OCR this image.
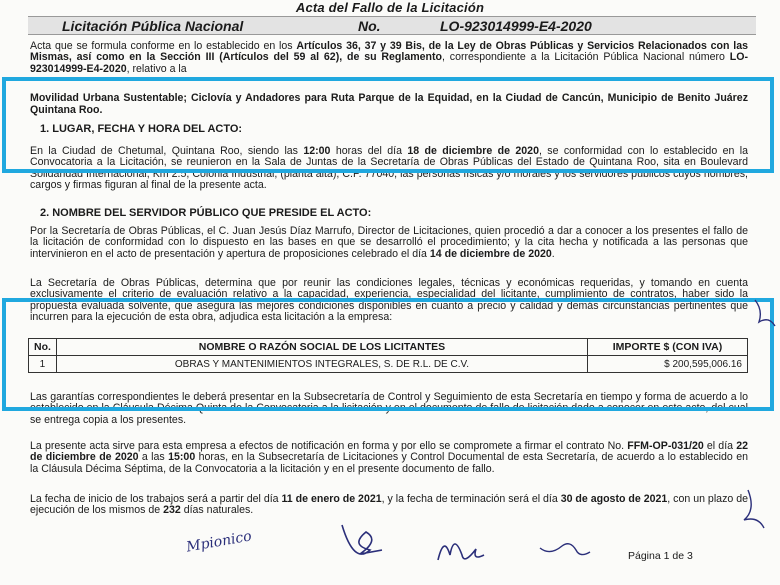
Acta del Fallo de la Licitación
Licitación Pública Nacional	No.	LO-923014999-E4-2020

Acta que se formula conforme en lo establecido en los Artículos 36, 37 y 39 Bis, de la Ley de Obras Públicas y Servicios Relacionados con las Mismas, así como en la Sección III (Artículos del 59 al 62), de su Reglamento, correspondiente a la Licitación Pública Nacional número LO-923014999-E4-2020, relativo a la

Movilidad Urbana Sustentable; Ciclovía y Andadores para Ruta Parque de la Equidad, en la Ciudad de Cancún, Municipio de Benito Juárez Quintana Roo.

1. LUGAR, FECHA Y HORA DEL ACTO:

En la Ciudad de Chetumal, Quintana Roo, siendo las 12:00 horas del día 18 de diciembre de 2020, se conformidad con lo establecido en la Convocatoria a la Licitación, se reunieron en la Sala de Juntas de la Secretaría de Obras Públicas del Estado de Quintana Roo, sita en Boulevard Solidaridad Internacional, Km 2.5, Colonia Industrial, (planta alta), C.P. 77040, las personas físicas y/o morales y los servidores públicos cuyos nombres, cargos y firmas figuran al final de la presente acta.

2. NOMBRE DEL SERVIDOR PÚBLICO QUE PRESIDE EL ACTO:

Por la Secretaría de Obras Públicas, el C. Juan Jesús Díaz Marrufo, Director de Licitaciones, quien procedió a dar a conocer a los presentes el fallo de la licitación de conformidad con lo dispuesto en las bases en que se desarrolló el procedimiento; y la cita hecha y notificada a las personas que intervinieron en el acto de presentación y apertura de proposiciones celebrado el día 14 de diciembre de 2020.

La Secretaría de Obras Públicas, determina que por reunir las condiciones legales, técnicas y económicas requeridas, y tomando en cuenta exclusivamente el criterio de evaluación relativo a la capacidad, experiencia, especialidad del licitante, cumplimiento de contratos, haber sido la propuesta evaluada solvente, que asegura las mejores condiciones disponibles en cuanto a precio y calidad y demás circunstancias pertinentes que incurren para la ejecución de esta obra, adjudica esta licitación a la empresa:

No.	NOMBRE O RAZÓN SOCIAL DE LOS LICITANTES	IMPORTE $ (CON IVA)
1	OBRAS Y MANTENIMIENTOS INTEGRALES, S. DE R.L. DE C.V.	$ 200,595,006.16

Las garantías correspondientes le deberá presentar en la Subsecretaría de Control y Seguimiento de esta Secretaría en tiempo y forma de acuerdo a lo establecido en la Cláusula Décima Quinta de la Convocatoria a la licitación y en el documento de fallo de licitación dado a conocer en este acto, del cual se entrega copia a los presentes.

La presente acta sirve para esta empresa a efectos de notificación en forma y por ello se compromete a firmar el contrato No. FFM-OP-031/20 el día 22 de diciembre de 2020 a las 15:00 horas, en la Subsecretaría de Licitaciones y Control Documental de esta Secretaría, de acuerdo a lo establecido en la Cláusula Décima Séptima, de la Convocatoria a la licitación y en el presente documento de fallo.

La fecha de inicio de los trabajos será a partir del día 11 de enero de 2021, y la fecha de terminación será el día 30 de agosto de 2021, con un plazo de ejecución de los mismos de 232 días naturales.

Mpionico
Página 1 de 3
